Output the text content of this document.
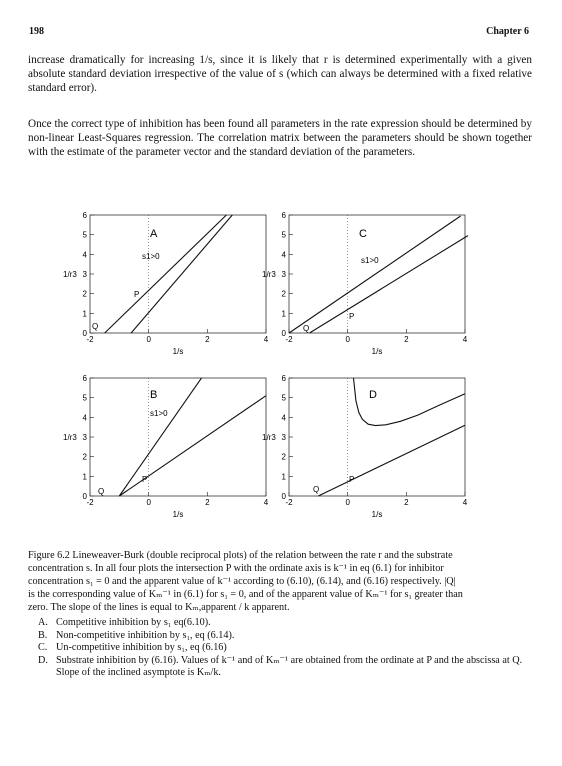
198	Chapter 6

increase dramatically for increasing 1/s, since it is likely that r is determined experimentally with a given absolute standard deviation irrespective of the value of s (which can always be determined with a fixed relative standard error).

Once the correct type of inhibition has been found all parameters in the rate expression should be determined by non-linear Least-Squares regression. The correlation matrix between the parameters should be shown together with the estimate of the parameter vector and the standard deviation of the parameters.

0
1
2
3
4
5
6
-2	0	2	4
1/s
1/r3
A
s1>0
P
Q
0
1
2
3
4
5
6
-2	0	2	4
1/s
1/r3
C
s1>0
P
Q
0
1
2
3
4
5
6
-2	0	2	4
1/s
1/r3
B
s1>0
P
Q
0
1
2
3
4
5
6
-2	0	2	4
1/s
1/r3
D
P
Q

Figure 6.2 Lineweaver-Burk (double reciprocal plots) of the relation between the rate r and the substrate

concentration s. In all four plots the intersection P with the ordinate axis is k⁻¹ in eq (6.1) for inhibitor

concentration s₁ = 0 and the apparent value of k⁻¹ according to (6.10), (6.14), and (6.16) respectively. |Q|

is the corresponding value of Kₘ⁻¹ in (6.1) for s₁ = 0, and of the apparent value of Kₘ⁻¹ for s₁ greater than

zero. The slope of the lines is equal to Kₘ,apparent / k apparent.

A. Competitive inhibition by s₁ eq(6.10).
B. Non-competitive inhibition by s₁, eq (6.14).
C. Un-competitive inhibition by s₁, eq (6.16)
D. Substrate inhibition by (6.16). Values of k⁻¹ and of Kₘ⁻¹ are obtained from the ordinate at P and the abscissa at Q. Slope of the inclined asymptote is Kₘ/k.
